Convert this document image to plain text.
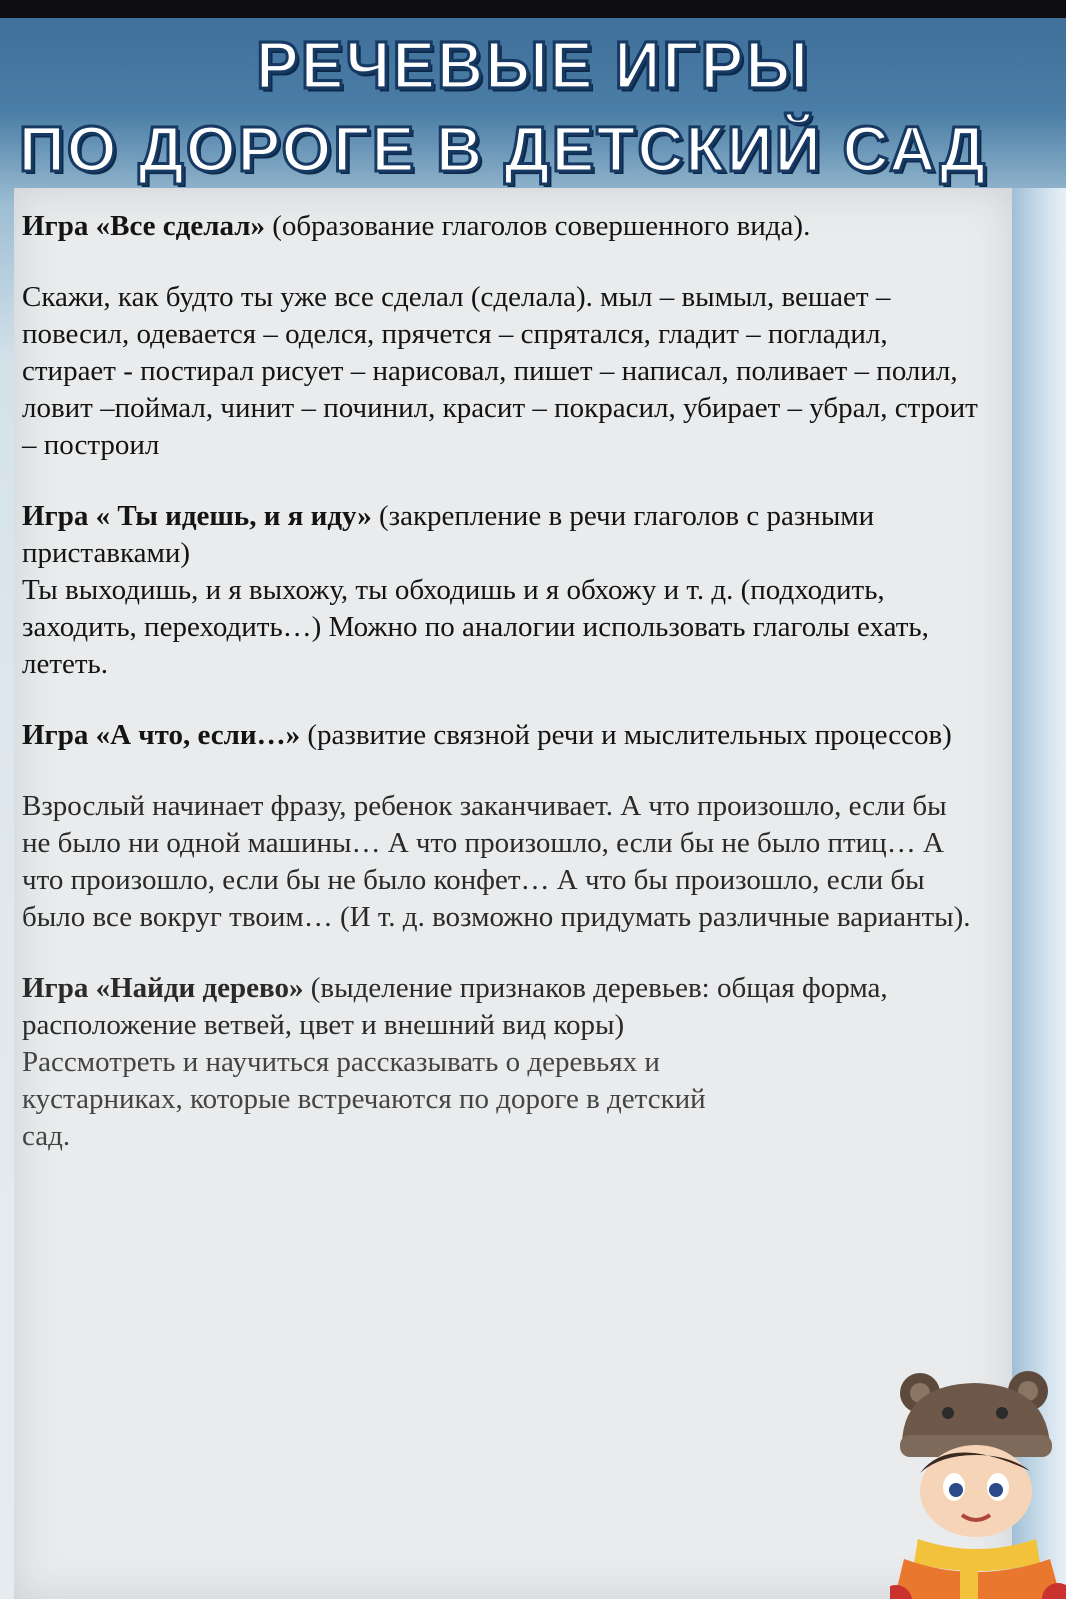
РЕЧЕВЫЕ ИГРЫ
ПО ДОРОГЕ В ДЕТСКИЙ САД

Игра «Все сделал» (образование глаголов совершенного вида).

Скажи, как будто ты уже все сделал (сделала). мыл – вымыл, вешает – повесил, одевается – оделся, прячется – спрятался, гладит – погладил, стирает - постирал рисует – нарисовал, пишет – написал, поливает – полил, ловит –поймал, чинит – починил, красит – покрасил, убирает – убрал, строит – построил

Игра « Ты идешь, и я иду» (закрепление в речи глаголов с разными приставками)

Ты выходишь, и я выхожу, ты обходишь и я обхожу и т. д. (подходить, заходить, переходить…) Можно по аналогии использовать глаголы ехать, лететь.

Игра «А что, если…» (развитие связной речи и мыслительных процессов)

Взрослый начинает фразу, ребенок заканчивает. А что произошло, если бы не было ни одной машины… А что произошло, если бы не было птиц… А что произошло, если бы не было конфет… А что бы произошло, если бы было все вокруг твоим… (И т. д. возможно придумать различные варианты).

Игра «Найди дерево» (выделение признаков деревьев: общая форма, расположение ветвей, цвет и внешний вид коры)

Рассмотреть и научиться рассказывать о деревьях и кустарниках, которые встречаются по дороге в детский сад.
